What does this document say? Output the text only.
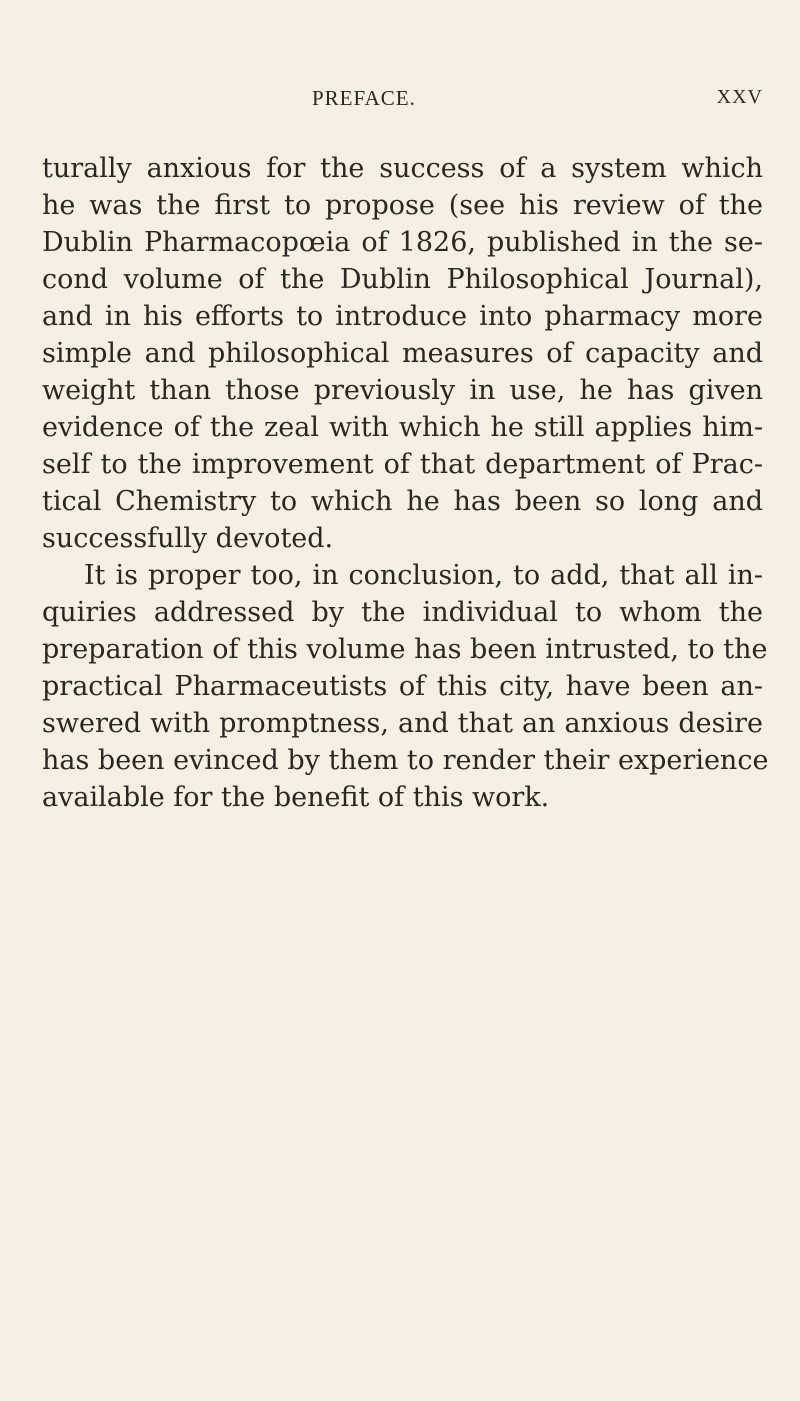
PREFACE.	XXV
turally anxious for the success of a system which
he was the first to propose (see his review of the
Dublin Pharmacopœia of 1826, published in the se-
cond volume of the Dublin Philosophical Journal),
and in his efforts to introduce into pharmacy more
simple and philosophical measures of capacity and
weight than those previously in use, he has given
evidence of the zeal with which he still applies him-
self to the improvement of that department of Prac-
tical Chemistry to which he has been so long and
successfully devoted.
It is proper too, in conclusion, to add, that all in-
quiries addressed by the individual to whom the
preparation of this volume has been intrusted, to the
practical Pharmaceutists of this city, have been an-
swered with promptness, and that an anxious desire
has been evinced by them to render their experience
available for the benefit of this work.
